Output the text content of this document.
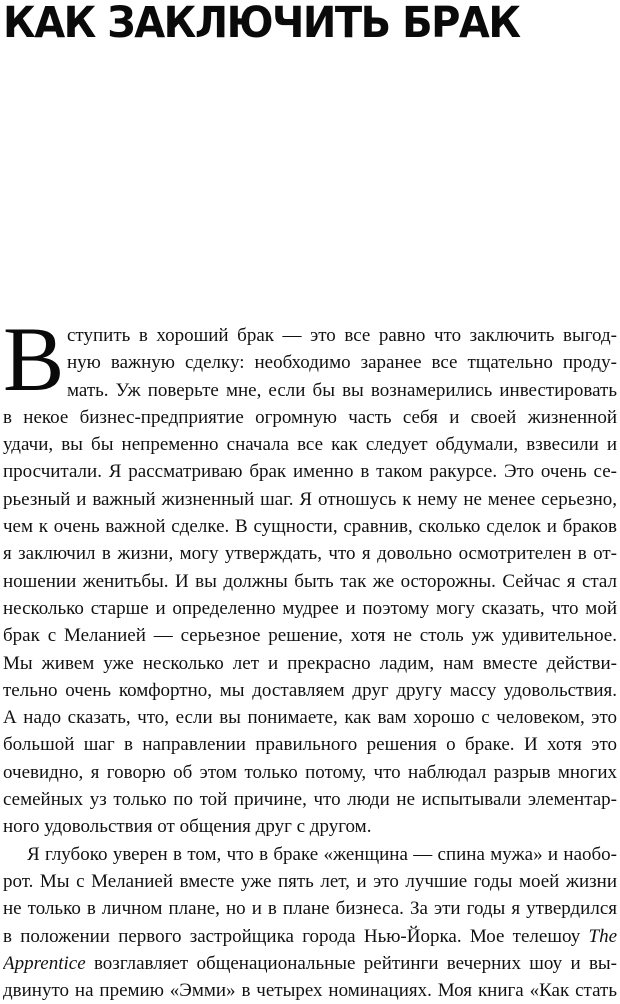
КАК ЗАКЛЮЧИТЬ БРАК
В ступить в хороший брак — это все равно что заключить выгод-
ную важную сделку: необходимо заранее все тщательно проду-
мать. Уж поверьте мне, если бы вы вознамерились инвестировать
в некое бизнес-предприятие огромную часть себя и своей жизненной
удачи, вы бы непременно сначала все как следует обдумали, взвесили и
просчитали. Я рассматриваю брак именно в таком ракурсе. Это очень се-
рьезный и важный жизненный шаг. Я отношусь к нему не менее серьезно,
чем к очень важной сделке. В сущности, сравнив, сколько сделок и браков
я заключил в жизни, могу утверждать, что я довольно осмотрителен в от-
ношении женитьбы. И вы должны быть так же осторожны. Сейчас я стал
несколько старше и определенно мудрее и поэтому могу сказать, что мой
брак с Меланией — серьезное решение, хотя не столь уж удивительное.
Мы живем уже несколько лет и прекрасно ладим, нам вместе действи-
тельно очень комфортно, мы доставляем друг другу массу удовольствия.
А надо сказать, что, если вы понимаете, как вам хорошо с человеком, это
большой шаг в направлении правильного решения о браке. И хотя это
очевидно, я говорю об этом только потому, что наблюдал разрыв многих
семейных уз только по той причине, что люди не испытывали элементар-
ного удовольствия от общения друг с другом.
Я глубоко уверен в том, что в браке «женщина — спина мужа» и наобо-
рот. Мы с Меланией вместе уже пять лет, и это лучшие годы моей жизни
не только в личном плане, но и в плане бизнеса. За эти годы я утвердился
в положении первого застройщика города Нью-Йорка. Мое телешоу The
Apprentice возглавляет общенациональные рейтинги вечерних шоу и вы-
двинуто на премию «Эмми» в четырех номинациях. Моя книга «Как стать
